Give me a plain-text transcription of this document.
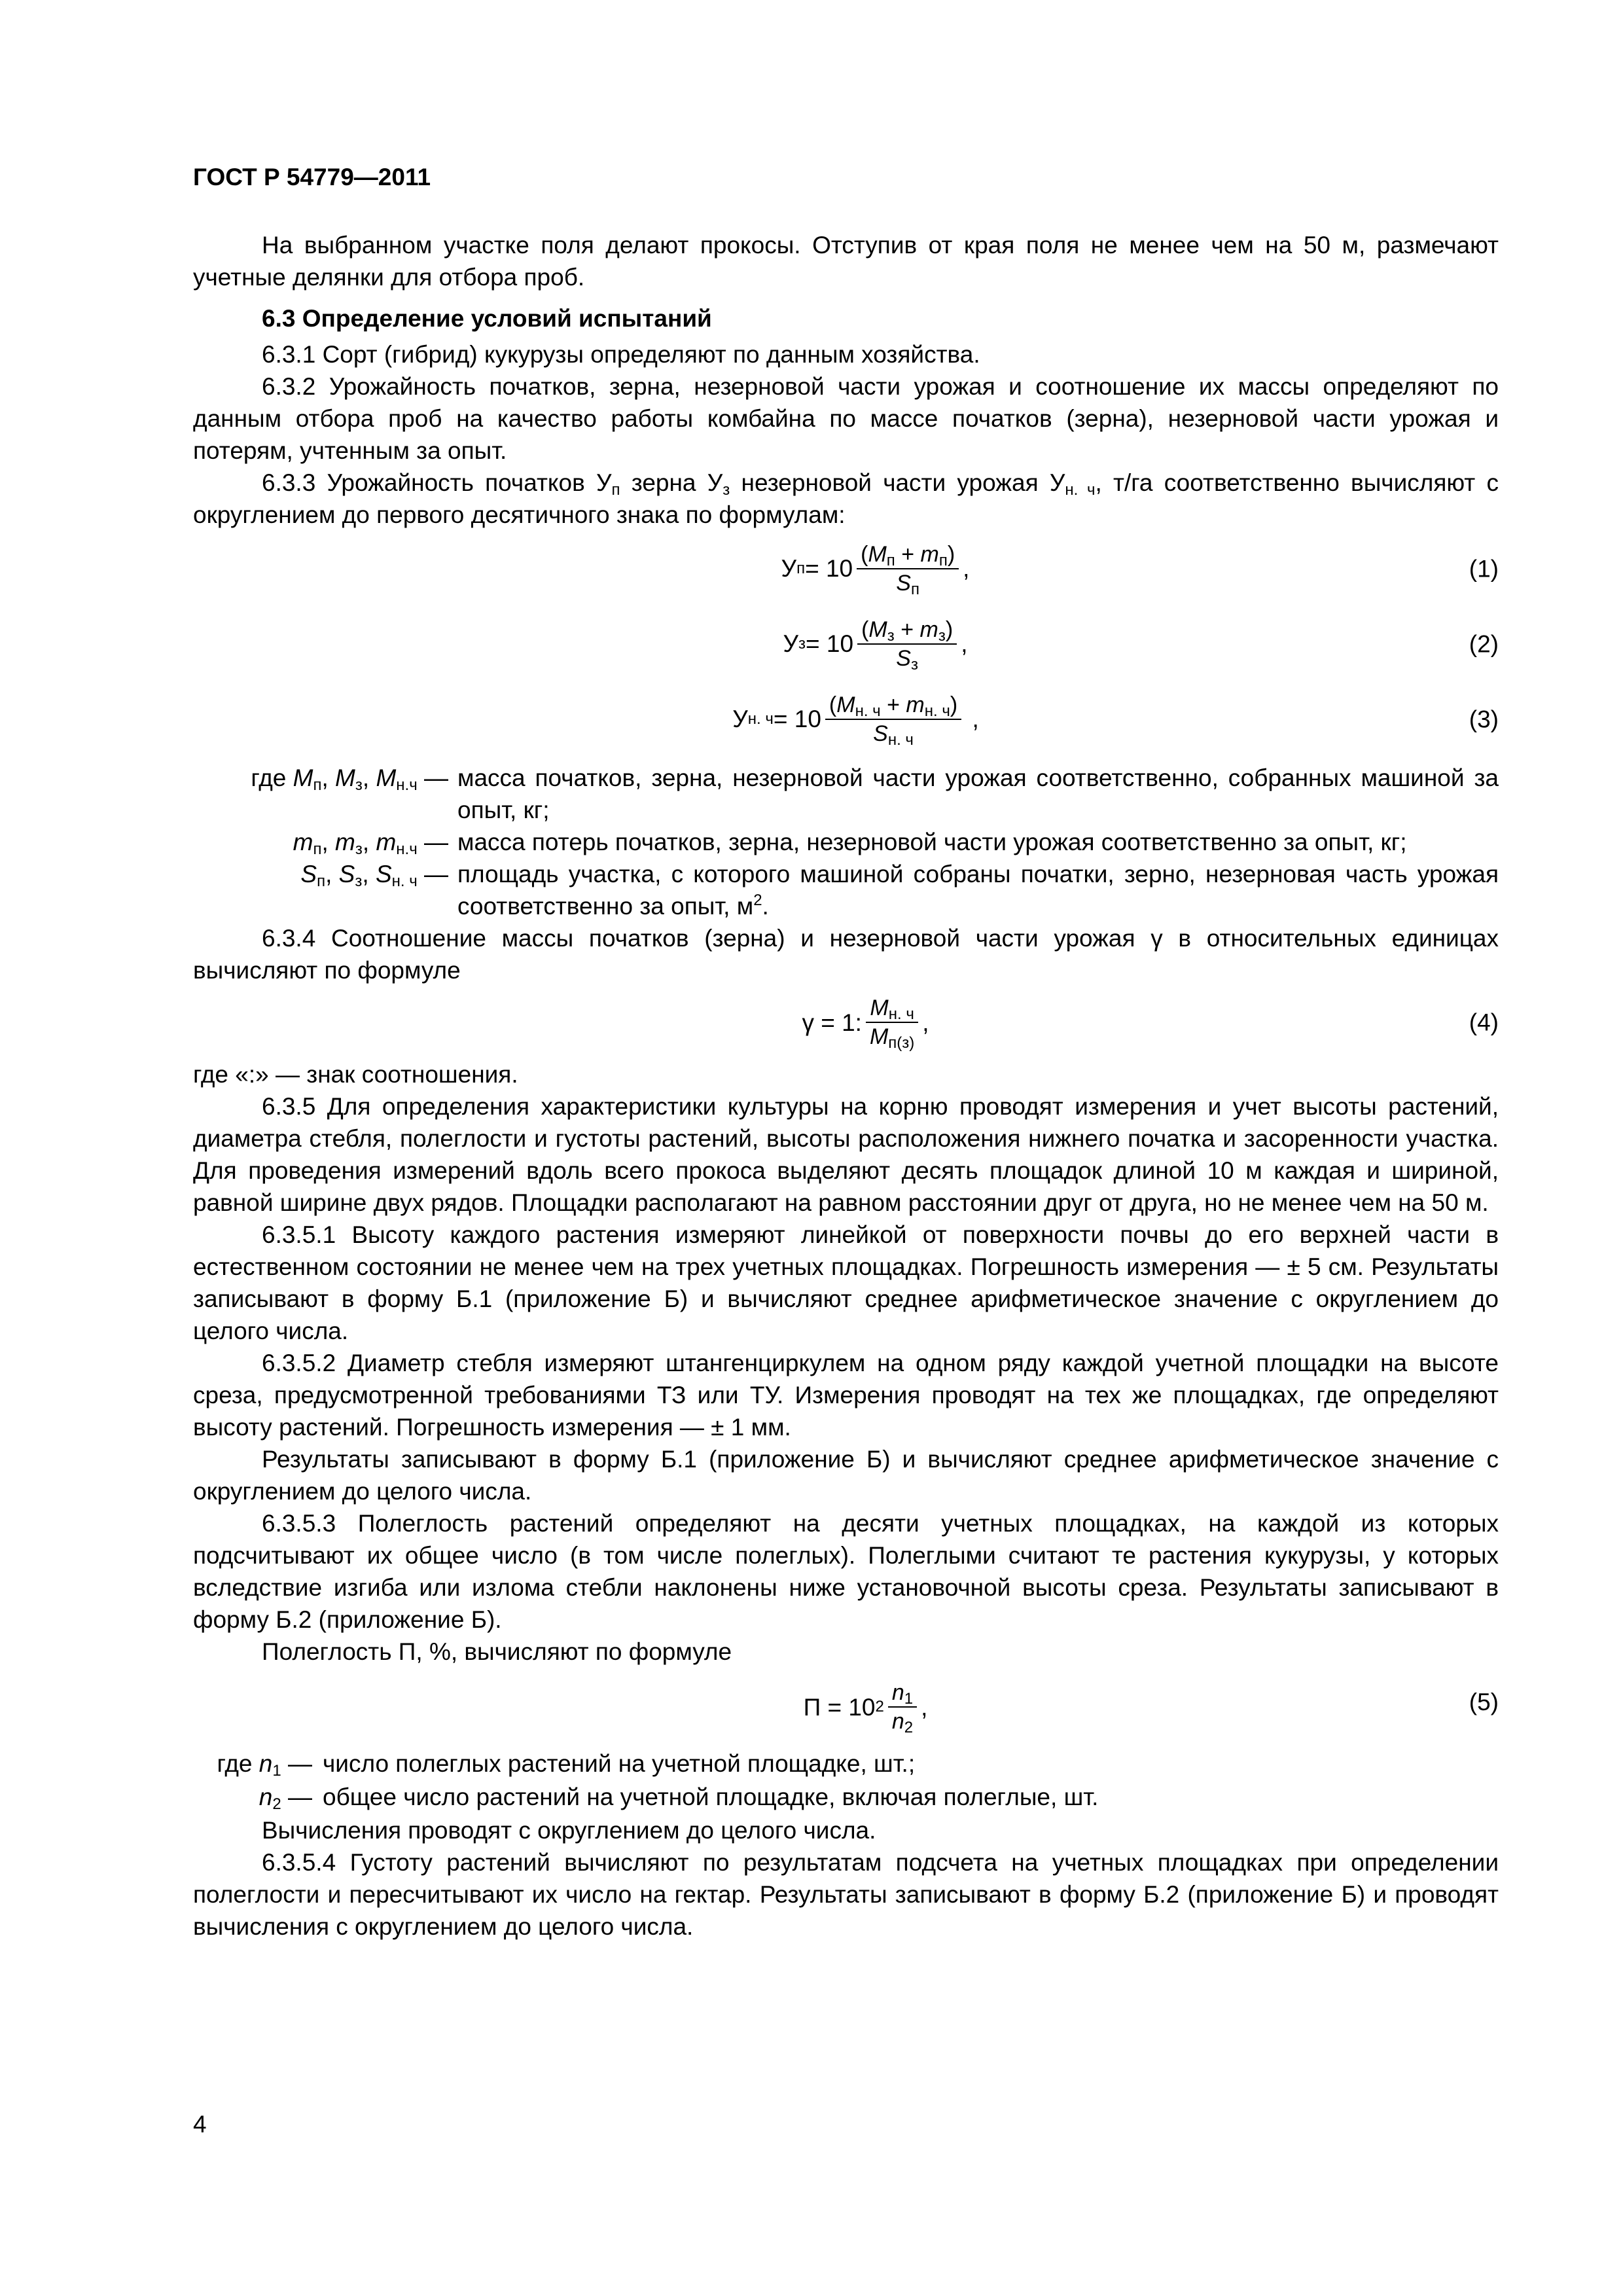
ГОСТ Р 54779—2011

На выбранном участке поля делают прокосы. Отступив от края поля не менее чем на 50 м, размечают учетные делянки для отбора проб.

6.3 Определение условий испытаний

6.3.1 Сорт (гибрид) кукурузы определяют по данным хозяйства.

6.3.2 Урожайность початков, зерна, незерновой части урожая и соотношение их массы определяют по данным отбора проб на качество работы комбайна по массе початков (зерна), незерновой части урожая и потерям, учтенным за опыт.

6.3.3 Урожайность початков $У_п$ зерна $У_з$ незерновой части урожая $У_{н. ч}$, т/га соответственно вычисляют с округлением до первого десятичного знака по формулам:

У $п = 10 \frac{(M_п + m_п)}{S_п}$ ,	(1)
У $з = 10 \frac{(M_з + m_з)}{S_з}$ ,	(2)
У н. $ч = 10 \frac{(M_{н. ч} + m_{н. ч})}{S_{н. ч}}$
,	(3)
где $M_п$, $M_з$, $M_{н.ч}$ —	масса початков, зерна, незерновой части урожая соответственно, собранных машиной за опыт, кг;
$m_п$, $m_з$, $m_{н.ч}$ —	масса потерь початков, зерна, незерновой части урожая соответственно за опыт, кг;
$S_п$, $S_з$, $S_{н. ч}$ —	площадь участка, с которого машиной собраны початки, зерно, незерновая часть урожая соответственно за опыт, $м^2$.

6.3.4 Соотношение массы початков (зерна) и незерновой части урожая γ в относительных единицах вычисляют по формуле

γ = 1: $\frac{M_{н. ч}}{M_{п(з)}}$ ,	(4)

где «:» — знак соотношения.

6.3.5 Для определения характеристики культуры на корню проводят измерения и учет высоты растений, диаметра стебля, полеглости и густоты растений, высоты расположения нижнего початка и засоренности участка. Для проведения измерений вдоль всего прокоса выделяют десять площадок длиной 10 м каждая и шириной, равной ширине двух рядов. Площадки располагают на равном расстоянии друг от друга, но не менее чем на 50 м.

6.3.5.1 Высоту каждого растения измеряют линейкой от поверхности почвы до его верхней части в естественном состоянии не менее чем на трех учетных площадках. Погрешность измерения — ± 5 см. Результаты записывают в форму Б.1 (приложение Б) и вычисляют среднее арифметическое значение с округлением до целого числа.

6.3.5.2 Диаметр стебля измеряют штангенциркулем на одном ряду каждой учетной площадки на высоте среза, предусмотренной требованиями ТЗ или ТУ. Измерения проводят на тех же площадках, где определяют высоту растений. Погрешность измерения — ± 1 мм.

Результаты записывают в форму Б.1 (приложение Б) и вычисляют среднее арифметическое значение с округлением до целого числа.

6.3.5.3 Полеглость растений определяют на десяти учетных площадках, на каждой из которых подсчитывают их общее число (в том числе полеглых). Полеглыми считают те растения кукурузы, у которых вследствие изгиба или излома стебли наклонены ниже установочной высоты среза. Результаты записывают в форму Б.2 (приложение Б).

Полеглость П, %, вычисляют по формуле

П = 10 $2 \frac{n_1}{n_2}$ ,	(5)
где $n_1$ —	число полеглых растений на учетной площадке, шт.;
$n_2$ —	общее число растений на учетной площадке, включая полеглые, шт.

Вычисления проводят с округлением до целого числа.

6.3.5.4 Густоту растений вычисляют по результатам подсчета на учетных площадках при определении полеглости и пересчитывают их число на гектар. Результаты записывают в форму Б.2 (приложение Б) и проводят вычисления с округлением до целого числа.

4
